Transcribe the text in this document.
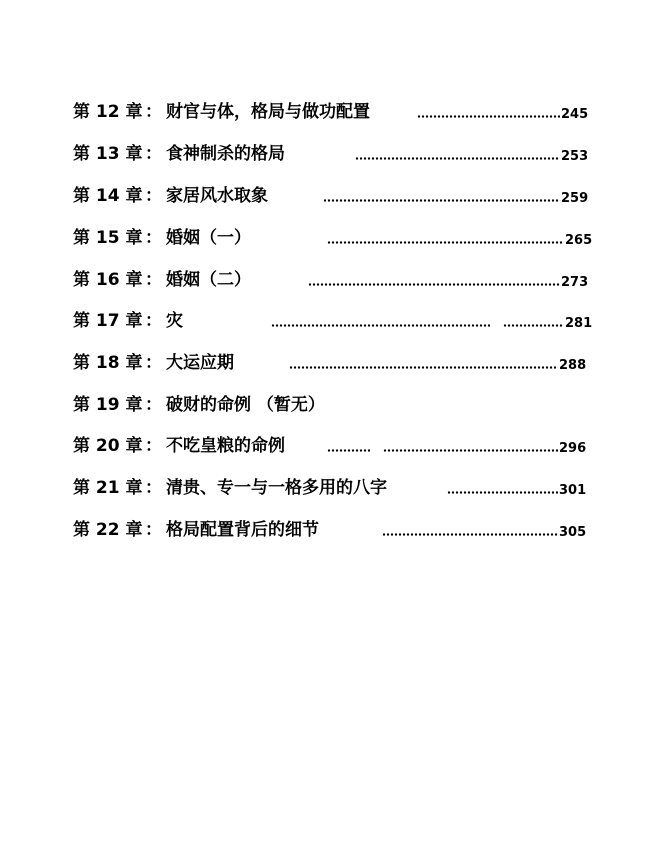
第 12 章 ： 财官与体，格局与做功配置	245
第 13 章 ： 食神制杀的格局	253
第 14 章 ： 家居风水取象	259
第 15 章 ： 婚姻（一）	265
第 16 章 ： 婚姻（二）	273
第 17 章 ： 灾	281
第 18 章 ： 大运应期	288
第 19 章 ： 破财的命例 （暂无）
第 20 章 ： 不吃皇粮的命例	296
第 21 章 ： 清贵、专一与一格多用的八字	301
第 22 章 ： 格局配置背后的细节	305
